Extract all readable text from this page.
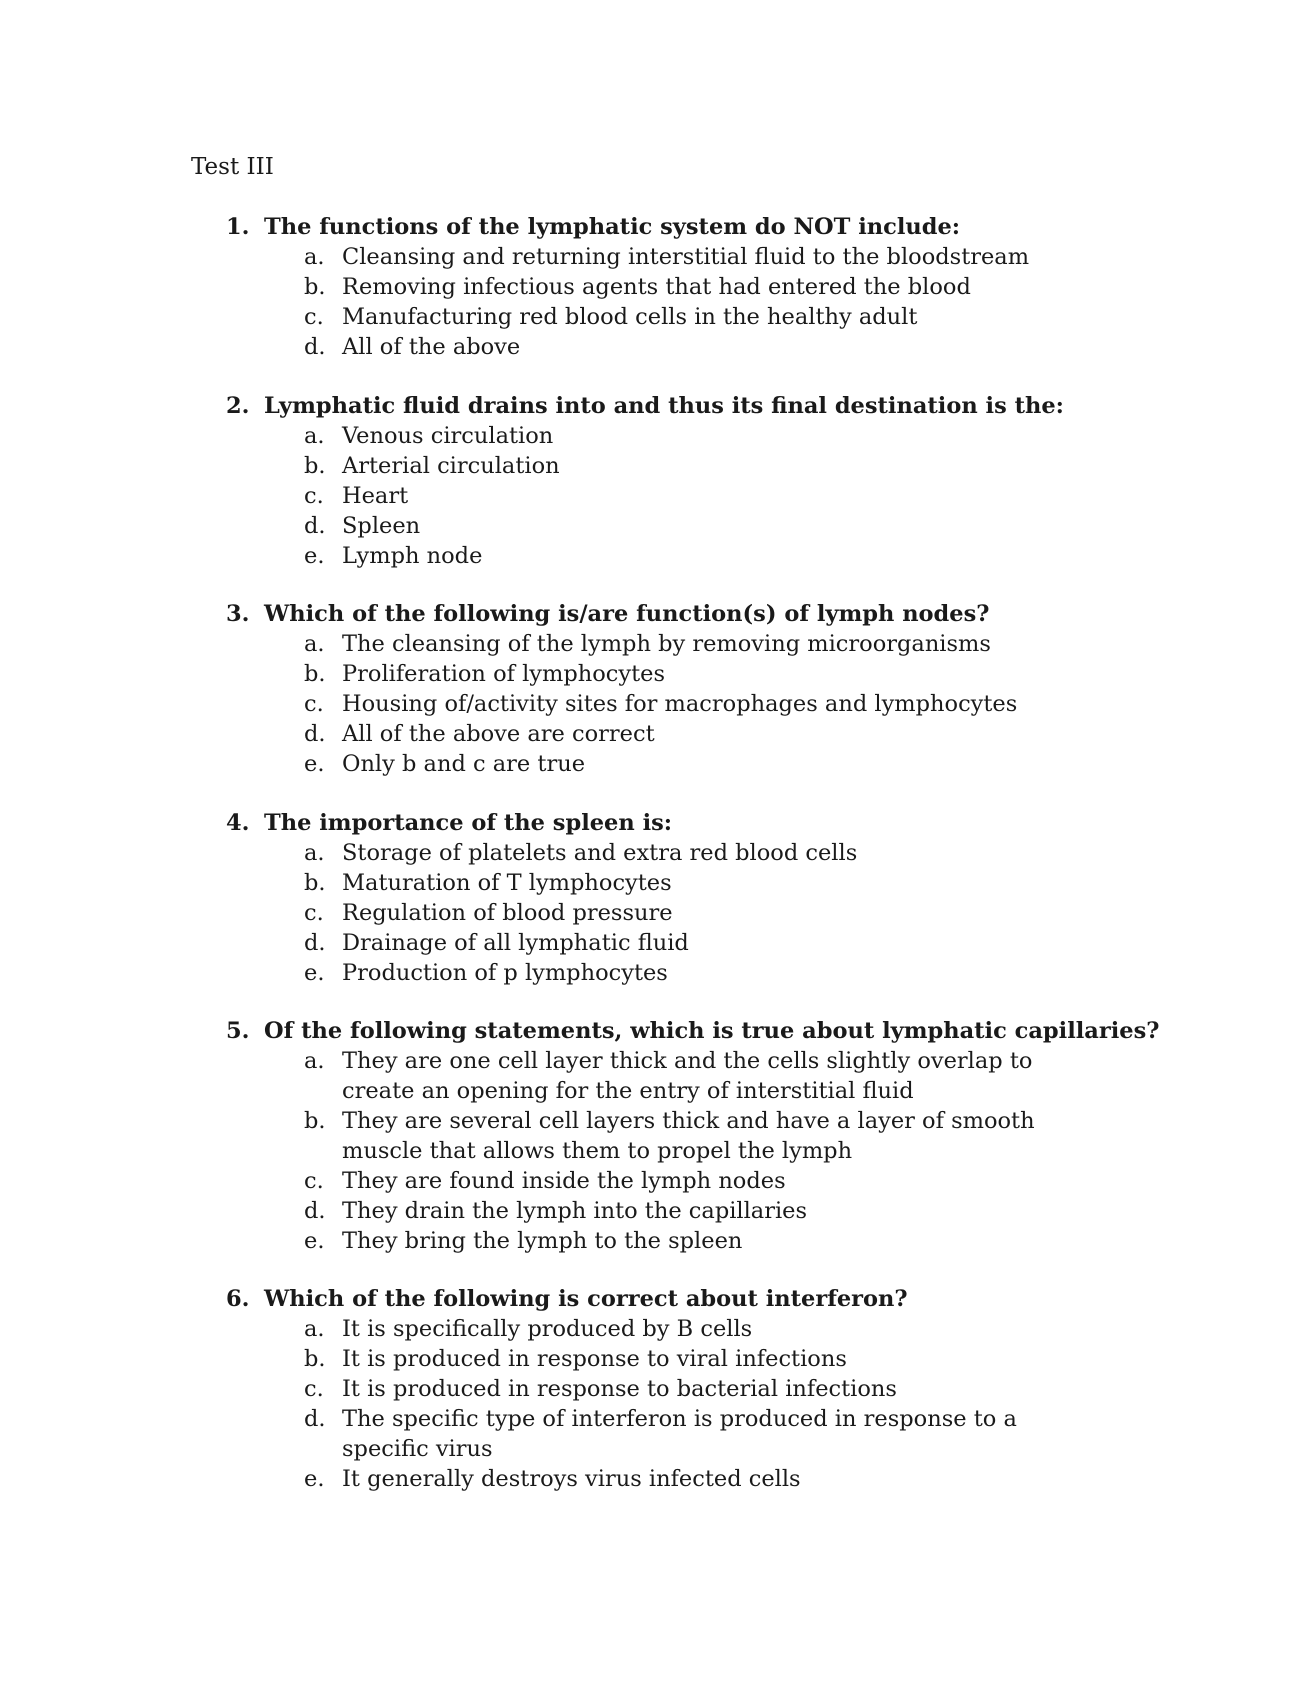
Test III
1. The functions of the lymphatic system do NOT include:
a. Cleansing and returning interstitial fluid to the bloodstream
b. Removing infectious agents that had entered the blood
c. Manufacturing red blood cells in the healthy adult
d. All of the above
2. Lymphatic fluid drains into and thus its final destination is the:
a. Venous circulation
b. Arterial circulation
c. Heart
d. Spleen
e. Lymph node
3. Which of the following is/are function(s) of lymph nodes?
a. The cleansing of the lymph by removing microorganisms
b. Proliferation of lymphocytes
c. Housing of/activity sites for macrophages and lymphocytes
d. All of the above are correct
e. Only b and c are true
4. The importance of the spleen is:
a. Storage of platelets and extra red blood cells
b. Maturation of T lymphocytes
c. Regulation of blood pressure
d. Drainage of all lymphatic fluid
e. Production of p lymphocytes
5. Of the following statements, which is true about lymphatic capillaries?
a. They are one cell layer thick and the cells slightly overlap to create an opening for the entry of interstitial fluid
b. They are several cell layers thick and have a layer of smooth muscle that allows them to propel the lymph
c. They are found inside the lymph nodes
d. They drain the lymph into the capillaries
e. They bring the lymph to the spleen
6. Which of the following is correct about interferon?
a. It is specifically produced by B cells
b. It is produced in response to viral infections
c. It is produced in response to bacterial infections
d. The specific type of interferon is produced in response to a specific virus
e. It generally destroys virus infected cells
